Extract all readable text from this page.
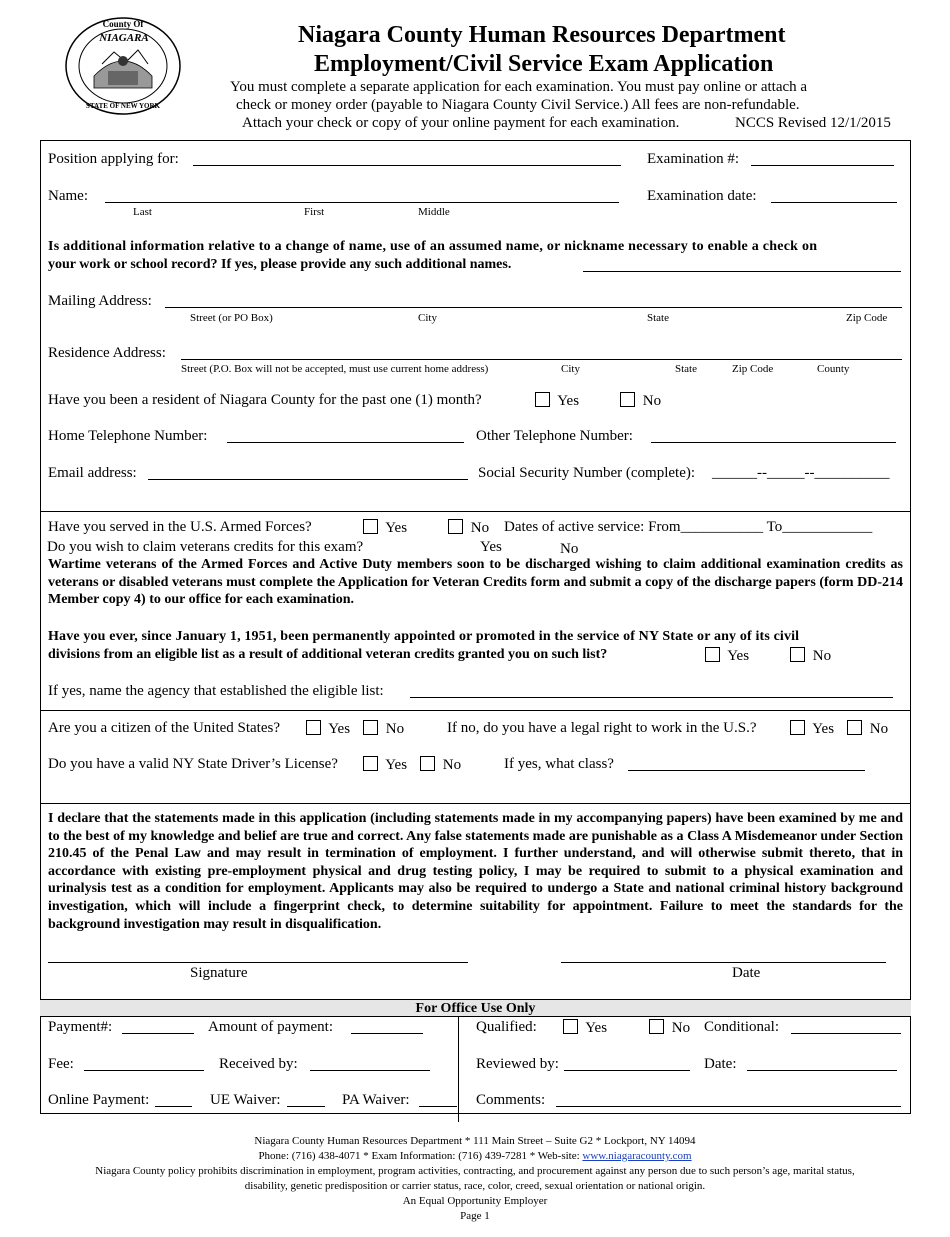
County Of
NIAGARA
STATE OF NEW YORK
Niagara County Human Resources Department
Employment/Civil Service Exam Application
You must complete a separate application for each examination. You must pay online or attach a
check or money order (payable to Niagara County Civil Service.) All fees are non-refundable.
Attach your check or copy of your online payment for each examination.	NCCS Revised 12/1/2015
Position applying for:	Examination #:
Name:	Examination date:
Last	First	Middle
Is additional information relative to a change of name, use of an assumed name, or nickname necessary to enable a check on
your work or school record? If yes, please provide any such additional names.
Mailing Address:
Street (or PO Box)	City	State	Zip Code
Residence Address:
Street (P.O. Box will not be accepted, must use current home address)	City	State	Zip Code	County
Have you been a resident of Niagara County for the past one (1) month?	Yes	No
Home Telephone Number:	Other Telephone Number:
Email address:	Social Security Number (complete): ______--_____--__________
Have you served in the U.S. Armed Forces?	Yes	No Dates of active service: From___________ To____________
Do you wish to claim veterans credits for this exam?	Yes	No
Wartime veterans of the Armed Forces and Active Duty members soon to be discharged wishing to claim additional examination credits as veterans or disabled veterans must complete the Application for Veteran Credits form and submit a copy of the discharge papers (form DD-214 Member copy 4) to our office for each examination.
Have you ever, since January 1, 1951, been permanently appointed or promoted in the service of NY State or any of its civil
divisions from an eligible list as a result of additional veteran credits granted you on such list?	Yes	No
If yes, name the agency that established the eligible list:
Are you a citizen of the United States?	Yes	No	If no, do you have a legal right to work in the U.S.?	Yes	No
Do you have a valid NY State Driver’s License?	Yes	No	If yes, what class?
I declare that the statements made in this application (including statements made in my accompanying papers) have been examined by me and to the best of my knowledge and belief are true and correct. Any false statements made are punishable as a Class A Misdemeanor under Section 210.45 of the Penal Law and may result in termination of employment. I further understand, and will otherwise submit thereto, that in accordance with existing pre-employment physical and drug testing policy, I may be required to submit to a physical examination and urinalysis test as a condition for employment. Applicants may also be required to undergo a State and national criminal history background investigation, which will include a fingerprint check, to determine suitability for appointment. Failure to meet the standards for the background investigation may result in disqualification.
Signature	Date
For Office Use Only
Payment#:	Amount of payment:	Qualified:	Yes	No Conditional:
Fee:	Received by:	Reviewed by:	Date:
Online Payment:	UE Waiver:	PA Waiver:	Comments:
Niagara County Human Resources Department * 111 Main Street – Suite G2 * Lockport, NY 14094
Phone: (716) 438-4071 * Exam Information: (716) 439-7281 * Web-site: www.niagaracounty.com
Niagara County policy prohibits discrimination in employment, program activities, contracting, and procurement against any person due to such person’s age, marital status,
disability, genetic predisposition or carrier status, race, color, creed, sexual orientation or national origin.
An Equal Opportunity Employer
Page 1
